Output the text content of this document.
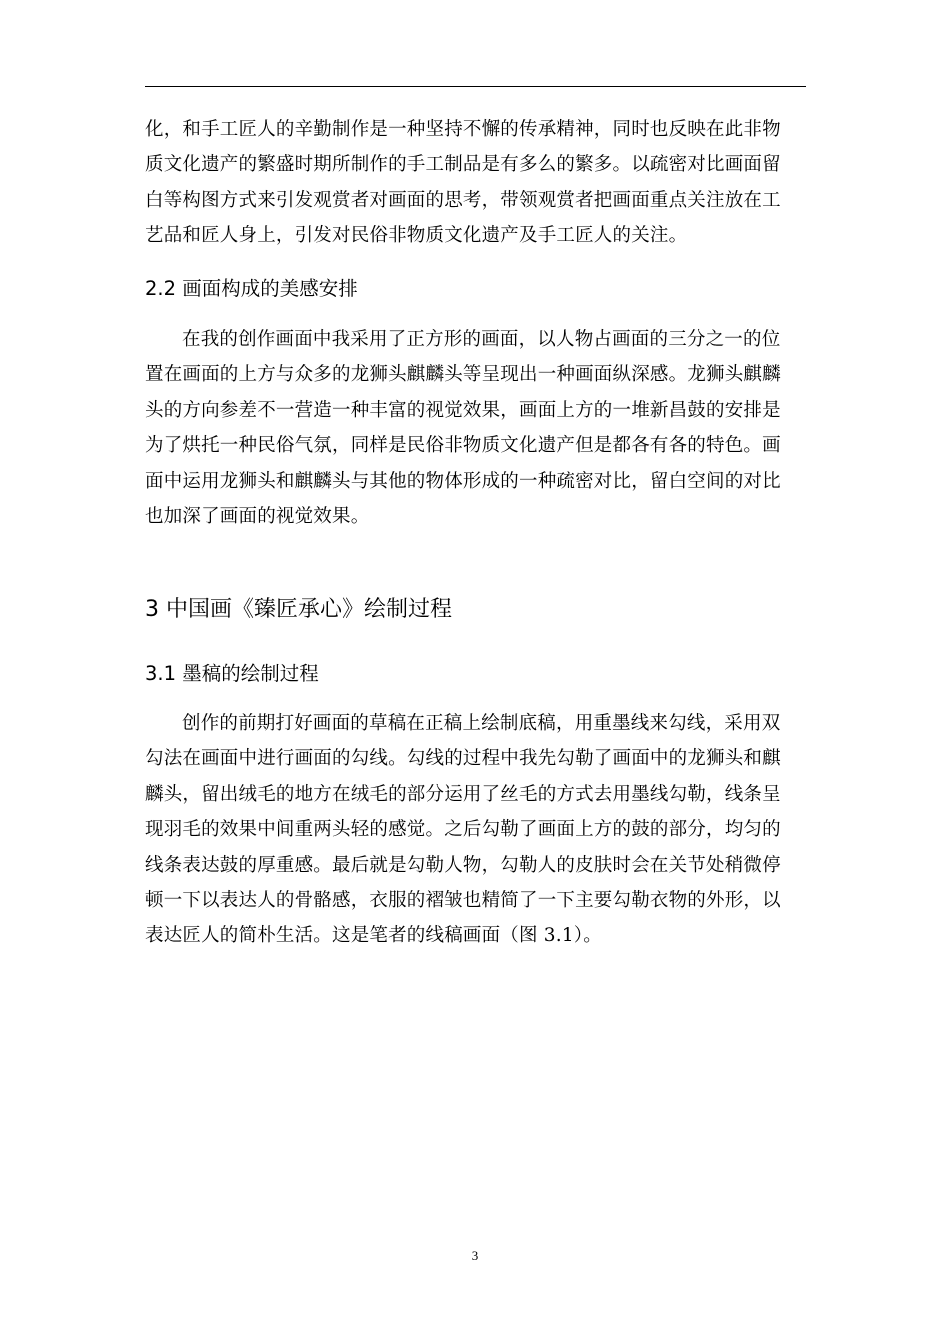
化，和手工匠人的辛勤制作是一种坚持不懈的传承精神，同时也反映在此非物
质文化遗产的繁盛时期所制作的手工制品是有多么的繁多。以疏密对比画面留
白等构图方式来引发观赏者对画面的思考，带领观赏者把画面重点关注放在工
艺品和匠人身上，引发对民俗非物质文化遗产及手工匠人的关注。
2.2 画面构成的美感安排
在我的创作画面中我采用了正方形的画面，以人物占画面的三分之一的位
置在画面的上方与众多的龙狮头麒麟头等呈现出一种画面纵深感。龙狮头麒麟
头的方向参差不一营造一种丰富的视觉效果，画面上方的一堆新昌鼓的安排是
为了烘托一种民俗气氛，同样是民俗非物质文化遗产但是都各有各的特色。画
面中运用龙狮头和麒麟头与其他的物体形成的一种疏密对比，留白空间的对比
也加深了画面的视觉效果。
3 中国画《臻匠承心》绘制过程
3.1 墨稿的绘制过程
创作的前期打好画面的草稿在正稿上绘制底稿，用重墨线来勾线，采用双
勾法在画面中进行画面的勾线。勾线的过程中我先勾勒了画面中的龙狮头和麒
麟头，留出绒毛的地方在绒毛的部分运用了丝毛的方式去用墨线勾勒，线条呈
现羽毛的效果中间重两头轻的感觉。之后勾勒了画面上方的鼓的部分，均匀的
线条表达鼓的厚重感。最后就是勾勒人物，勾勒人的皮肤时会在关节处稍微停
顿一下以表达人的骨骼感，衣服的褶皱也精简了一下主要勾勒衣物的外形，以
表达匠人的简朴生活。这是笔者的线稿画面（图 3.1）。
3
